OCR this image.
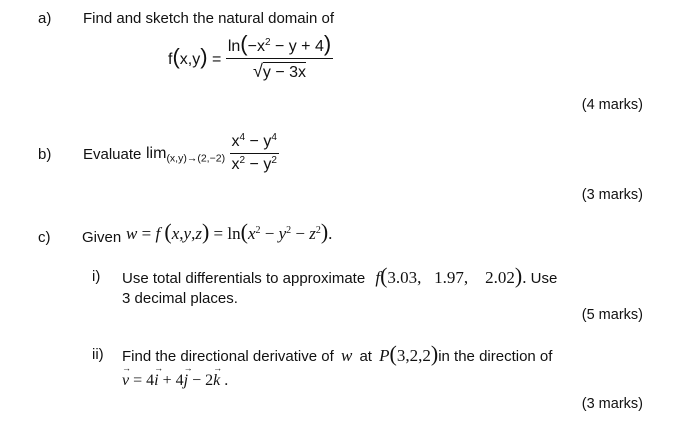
a) Find and sketch the natural domain of
$f(x,y) = \frac{\ln(-x^2 - y + 4)}{√y - 3x}$
(4 marks)
b) Evaluate $\lim_{(x,y)\to(2,-2)} \frac{x^4 - y^4}{x^2 - y^2}$
(3 marks)
c) Given w = f $(x,y,z) = \ln(x^2 - y^2 - z^2)$.
i) Use total differentials to approximate f(3.03,   1.97,    2.02). Use
3 decimal places.
(5 marks)
ii) Find the directional derivative of w at P(3,2,2)in the direction of
→ v = 4→ i + 4→ j − 2→ k .
(3 marks)
